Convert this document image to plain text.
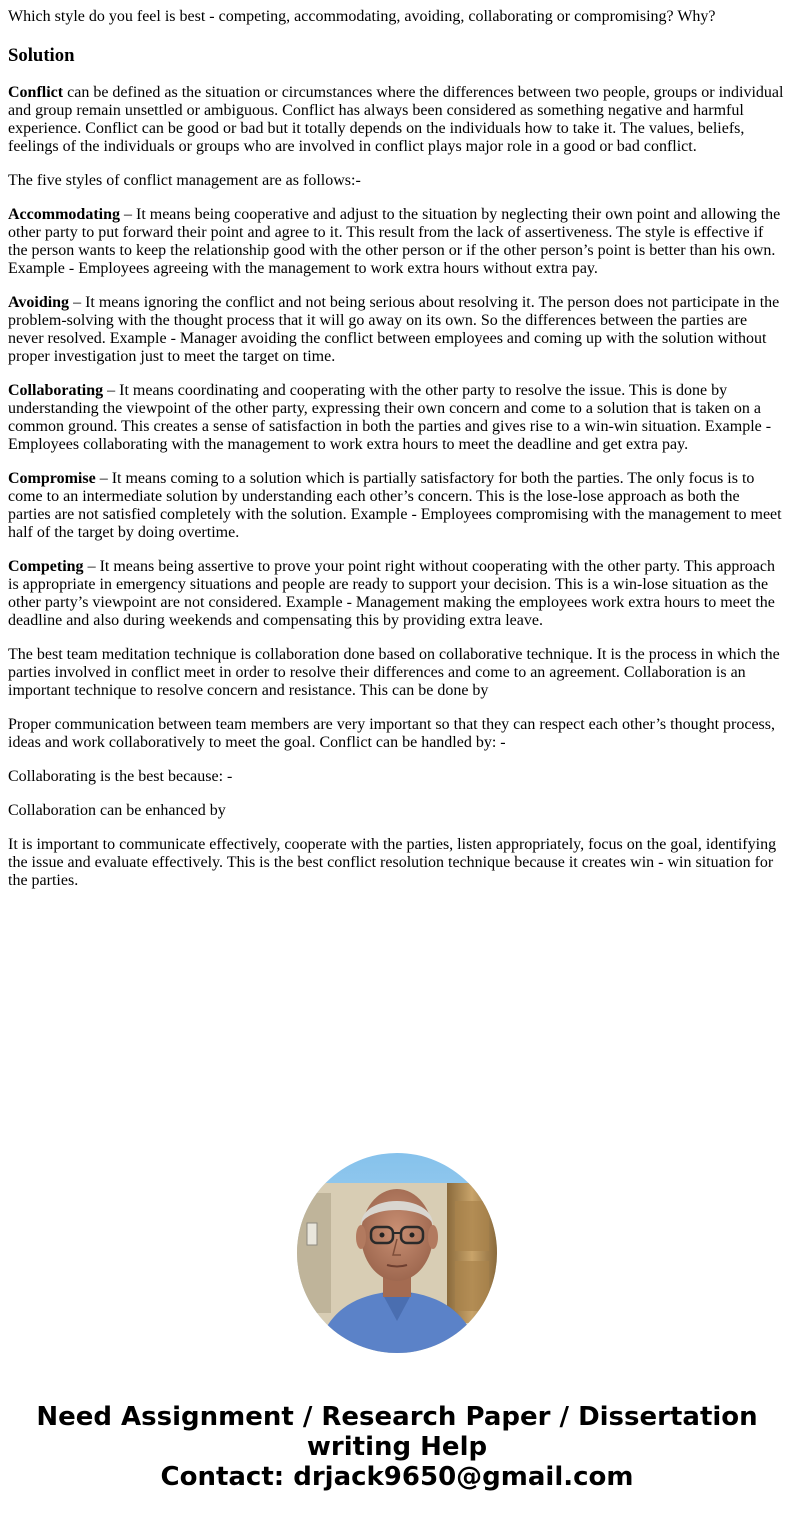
Which style do you feel is best - competing, accommodating, avoiding, collaborating or compromising? Why?
Solution

Conflict can be defined as the situation or circumstances where the differences between two people, groups or individual and group remain unsettled or ambiguous. Conflict has always been considered as something negative and harmful experience. Conflict can be good or bad but it totally depends on the individuals how to take it. The values, beliefs, feelings of the individuals or groups who are involved in conflict plays major role in a good or bad conflict.

The five styles of conflict management are as follows:-

Accommodating – It means being cooperative and adjust to the situation by neglecting their own point and allowing the other party to put forward their point and agree to it. This result from the lack of assertiveness. The style is effective if the person wants to keep the relationship good with the other person or if the other person’s point is better than his own. Example - Employees agreeing with the management to work extra hours without extra pay.

Avoiding – It means ignoring the conflict and not being serious about resolving it. The person does not participate in the problem-solving with the thought process that it will go away on its own. So the differences between the parties are never resolved. Example - Manager avoiding the conflict between employees and coming up with the solution without proper investigation just to meet the target on time.

Collaborating – It means coordinating and cooperating with the other party to resolve the issue. This is done by understanding the viewpoint of the other party, expressing their own concern and come to a solution that is taken on a common ground. This creates a sense of satisfaction in both the parties and gives rise to a win-win situation. Example - Employees collaborating with the management to work extra hours to meet the deadline and get extra pay.

Compromise – It means coming to a solution which is partially satisfactory for both the parties. The only focus is to come to an intermediate solution by understanding each other’s concern. This is the lose-lose approach as both the parties are not satisfied completely with the solution. Example - Employees compromising with the management to meet half of the target by doing overtime.

Competing – It means being assertive to prove your point right without cooperating with the other party. This approach is appropriate in emergency situations and people are ready to support your decision. This is a win-lose situation as the other party’s viewpoint are not considered. Example - Management making the employees work extra hours to meet the deadline and also during weekends and compensating this by providing extra leave.

The best team meditation technique is collaboration done based on collaborative technique. It is the process in which the parties involved in conflict meet in order to resolve their differences and come to an agreement. Collaboration is an important technique to resolve concern and resistance. This can be done by

Proper communication between team members are very important so that they can respect each other’s thought process, ideas and work collaboratively to meet the goal. Conflict can be handled by: -

Collaborating is the best because: -

Collaboration can be enhanced by

It is important to communicate effectively, cooperate with the parties, listen appropriately, focus on the goal, identifying the issue and evaluate effectively. This is the best conflict resolution technique because it creates win - win situation for the parties.

Need Assignment / Research Paper / Dissertation
writing Help
Contact: drjack9650@gmail.com
